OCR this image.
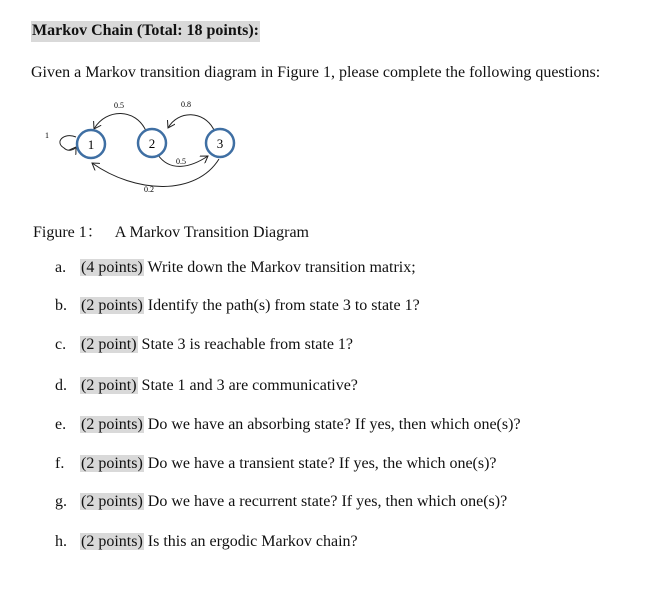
Markov Chain (Total: 18 points):
Given a Markov transition diagram in Figure 1, please complete the following questions:
1
0.5	0.8
0.5
0.2
1	2	3
Figure 1： A Markov Transition Diagram
a. (4 points) Write down the Markov transition matrix;
b. (2 points) Identify the path(s) from state 3 to state 1?
c. (2 point) State 3 is reachable from state 1?
d. (2 point) State 1 and 3 are communicative?
e. (2 points) Do we have an absorbing state? If yes, then which one(s)?
f. (2 points) Do we have a transient state? If yes, the which one(s)?
g. (2 points) Do we have a recurrent state? If yes, then which one(s)?
h. (2 points) Is this an ergodic Markov chain?
